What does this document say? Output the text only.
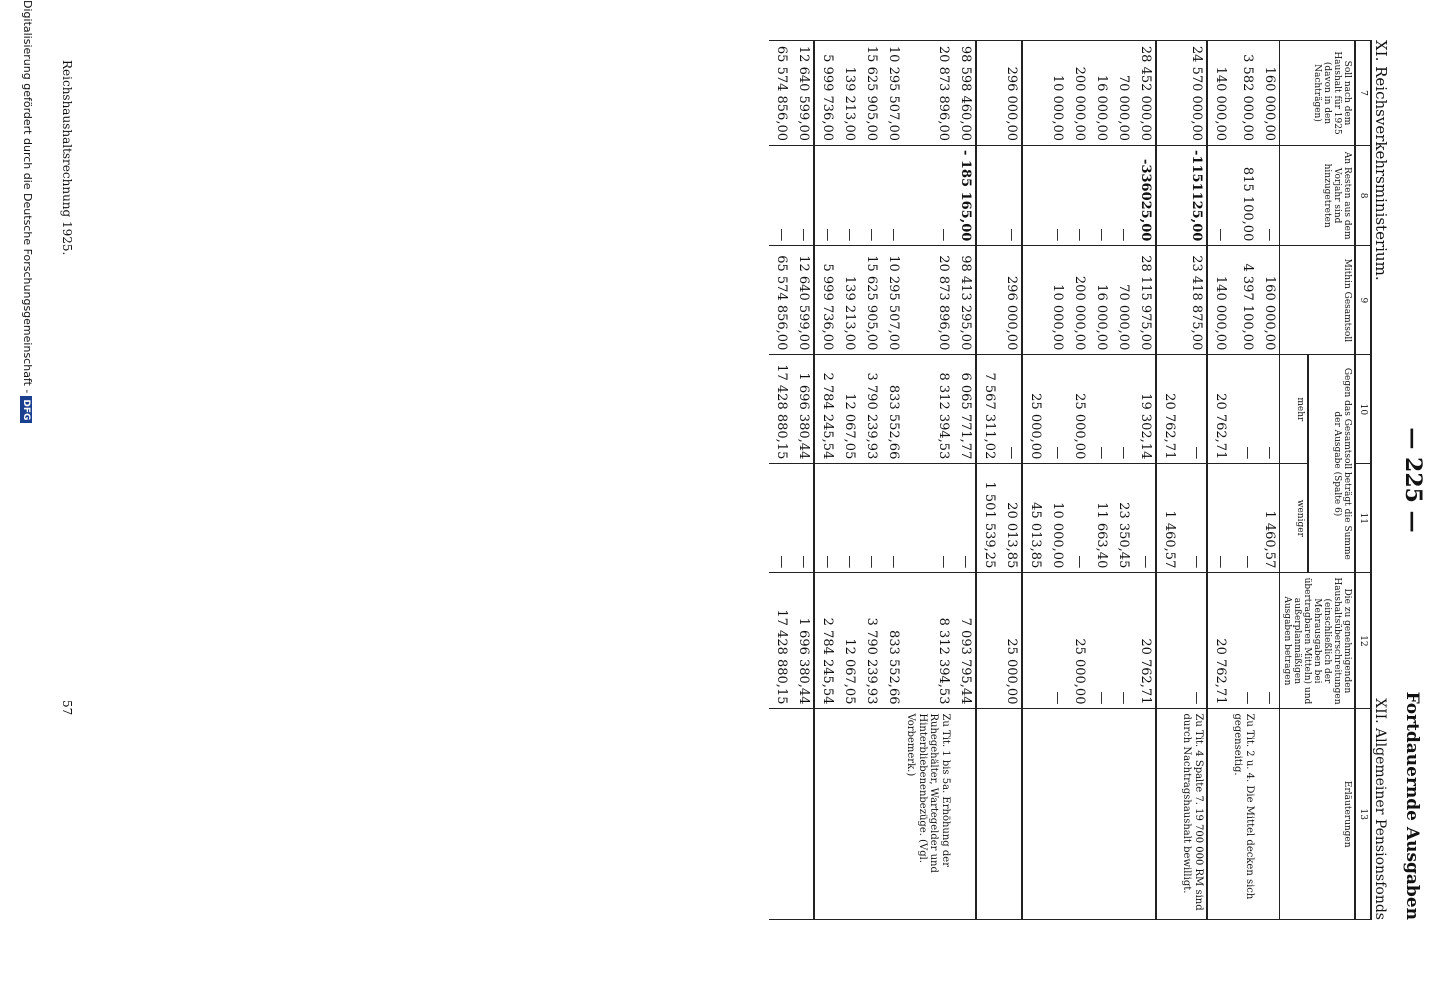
— 225 —
XI. Reichsverkehrsministerium.
Fortdauernde Ausgaben
XII. Allgemeiner Pensionsfonds
7	8	9	10	11	12	13
Soll nach dem Haushalt für 1925 (davon in den Nachträgen)	An Resten aus dem Vorjahr sind hinzugetreten	Mithin Gesamtsoll	Gegen das Gesamtsoll beträgt die Summe der Ausgabe (Spalte 6)		Die zu genehmigenden Haushaltsüberschreitungen (einschließlich der Mehrausgaben bei übertragbaren Mitteln) und außerplanmäßigen Ausgaben betragen	Erläuterungen
			mehr	weniger		
160 000,00	—	160 000,00	—	1 460,57	—	
3 582 000,00	815 100,00	4 397 100,00	—	—	—	Zu Tit. 2 u. 4. Die Mittel decken sich gegenseitig.
140 000,00	—	140 000,00	20 762,71	—	20 762,71	
24 570 000,00	-1151125,00	23 418 875,00	—	—	—	Zu Tit. 4 Spalte 7. 19 700 000 RM sind durch Nachtragshaushalt bewilligt.
			20 762,71	1 460,57		
28 452 000,00	-336025,00	28 115 975,00	19 302,14	—	20 762,71	
70 000,00	—	70 000,00	—	23 350,45	—	
16 000,00	—	16 000,00	—	11 663,40	—	
200 000,00	—	200 000,00	25 000,00	—	25 000,00	
10 000,00	—	10 000,00	—	10 000,00	—	
			25 000,00	45 013,85		
296 000,00	—	296 000,00	—	20 013,85	25 000,00	
			7 567 311,02	1 501 539,25		
98 598 460,00	- 185 165,00	98 413 295,00	6 065 771,77	—	7 093 795,44	
20 873 896,00	—	20 873 896,00	8 312 394,53	—	8 312 394,53	Zu Tit. 1 bis 5a. Erhöhung der Ruhegehälter, Wartegelder und Hinterbliebenenbezüge. (Vgl. Vorbemerk.)
10 295 507,00	—	10 295 507,00	833 552,66	—	833 552,66	
15 625 905,00	—	15 625 905,00	3 790 239,93	—	3 790 239,93	
139 213,00	—	139 213,00	12 067,05	—	12 067,05	
5 999 736,00	—	5 999 736,00	2 784 245,54	—	2 784 245,54	
12 640 599,00	—	12 640 599,00	1 696 380,44	—	1 696 380,44	
65 574 856,00	—	65 574 856,00	17 428 880,15	—	17 428 880,15	
Reichshaushaltsrechnung 1925.
57
Digitalisierung gefördert durch die Deutsche Forschungsgemeinschaft -DFG
